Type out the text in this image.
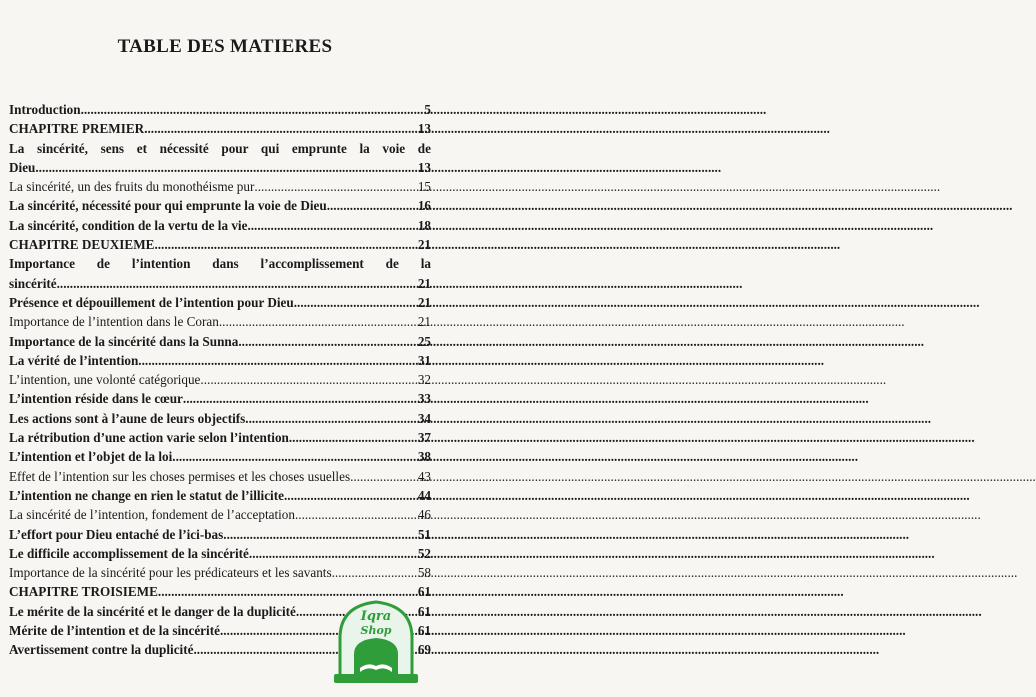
TABLE DES MATIERES
Introduction .....	5
CHAPITRE PREMIER .....	13
La sincérité, sens et nécessité pour qui emprunte la voie de
Dieu .....	13
La sincérité, un des fruits du monothéisme pur .....	15
La sincérité, nécessité pour qui emprunte la voie de Dieu .....	16
La sincérité, condition de la vertu de la vie .....	18
CHAPITRE DEUXIEME .....	21
Importance de l’intention dans l’accomplissement de la
sincérité .....	21
Présence et dépouillement de l’intention pour Dieu .....	21
Importance de l’intention dans le Coran .....	21
Importance de la sincérité dans la Sunna .....	25
La vérité de l’intention .....	31
L’intention, une volonté catégorique .....	32
L’intention réside dans le cœur .....	33
Les actions sont à l’aune de leurs objectifs .....	34
La rétribution d’une action varie selon l’intention .....	37
L’intention et l’objet de la loi .....	38
Effet de l’intention sur les choses permises et les choses usuelles .....	43
L’intention ne change en rien le statut de l’illicite .....	44
La sincérité de l’intention, fondement de l’acceptation .....	46
L’effort pour Dieu entaché de l’ici-bas .....	51
Le difficile accomplissement de la sincérité .....	52
Importance de la sincérité pour les prédicateurs et les savants .....	58
CHAPITRE TROISIEME .....	61
Le mérite de la sincérité et le danger de la duplicité .....	61
Mérite de l’intention et de la sincérité .....	61
Avertissement contre la duplicité .....	69
Iqra
Shop
